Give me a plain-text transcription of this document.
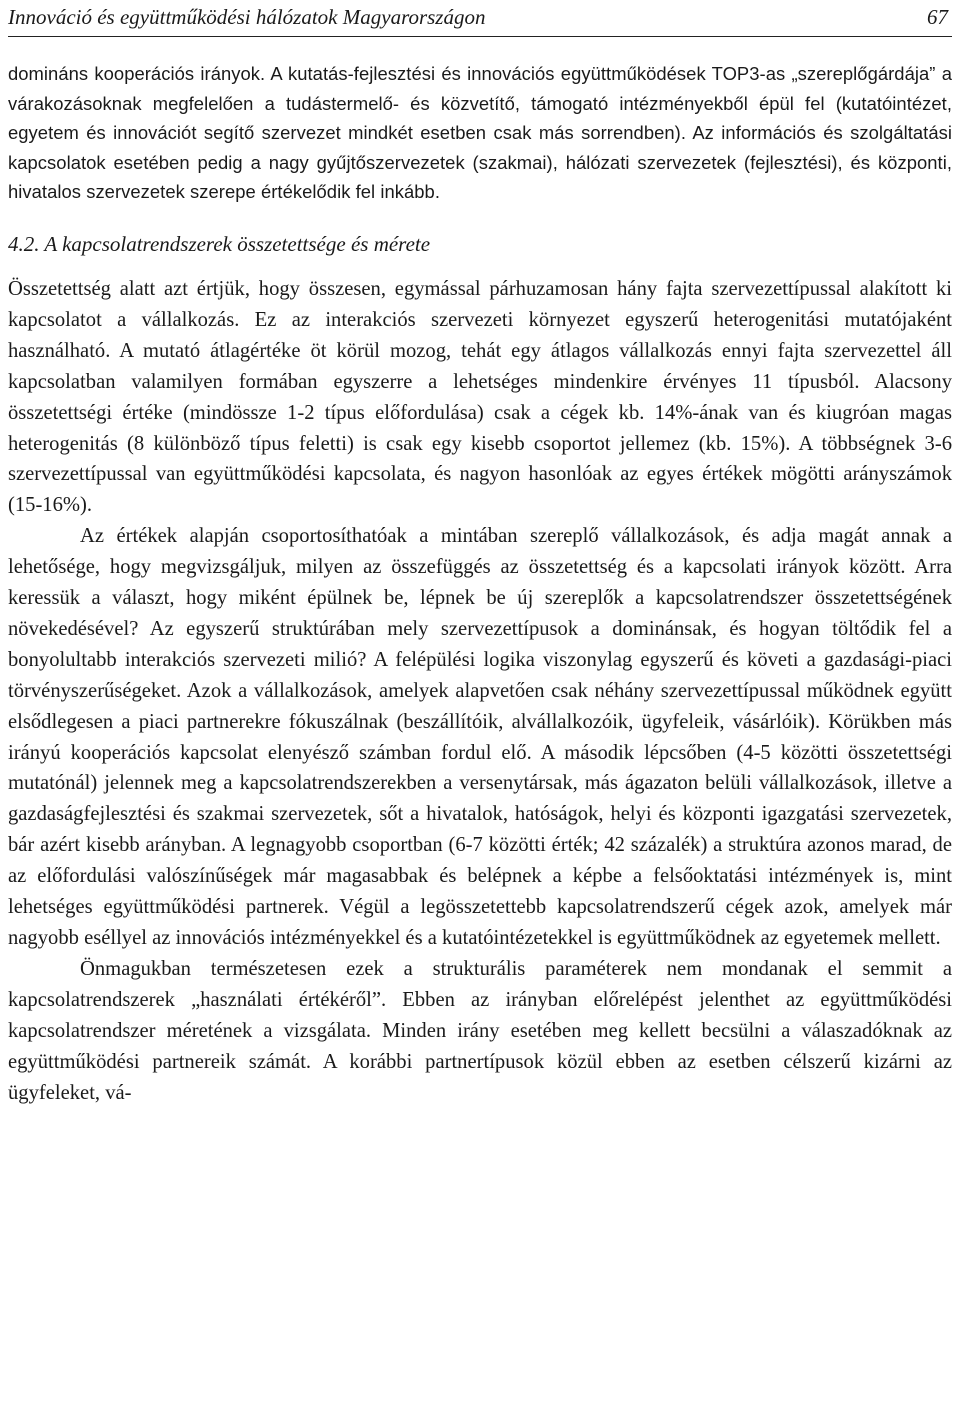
Innováció és együttműködési hálózatok Magyarországon	67

domináns kooperációs irányok. A kutatás-fejlesztési és innovációs együttműködések TOP3-as „szereplőgárdája” a várakozásoknak megfelelően a tudástermelő- és közvetítő, támogató intézményekből épül fel (kutatóintézet, egyetem és innovációt segítő szervezet mindkét esetben csak más sorrendben). Az információs és szolgáltatási kapcsolatok esetében pedig a nagy gyűjtőszervezetek (szakmai), hálózati szervezetek (fejlesztési), és központi, hivatalos szervezetek szerepe értékelődik fel inkább.

4.2. A kapcsolatrendszerek összetettsége és mérete

Összetettség alatt azt értjük, hogy összesen, egymással párhuzamosan hány fajta szervezettípussal alakított ki kapcsolatot a vállalkozás. Ez az interakciós szervezeti környezet egyszerű heterogenitási mutatójaként használható. A mutató átlagértéke öt körül mozog, tehát egy átlagos vállalkozás ennyi fajta szervezettel áll kapcsolatban valamilyen formában egyszerre a lehetséges mindenkire érvényes 11 típusból. Alacsony összetettségi értéke (mindössze 1-2 típus előfordulása) csak a cégek kb. 14%-ának van és kiugróan magas heterogenitás (8 különböző típus feletti) is csak egy kisebb csoportot jellemez (kb. 15%). A többségnek 3-6 szervezettípussal van együttműködési kapcsolata, és nagyon hasonlóak az egyes értékek mögötti arányszámok (15-16%).

Az értékek alapján csoportosíthatóak a mintában szereplő vállalkozások, és adja magát annak a lehetősége, hogy megvizsgáljuk, milyen az összefüggés az összetettség és a kapcsolati irányok között. Arra keressük a választ, hogy miként épülnek be, lépnek be új szereplők a kapcsolatrendszer összetettségének növekedésével? Az egyszerű struktúrában mely szervezettípusok a dominánsak, és hogyan töltődik fel a bonyolultabb interakciós szervezeti milió? A felépülési logika viszonylag egyszerű és követi a gazdasági-piaci törvényszerűségeket. Azok a vállalkozások, amelyek alapvetően csak néhány szervezettípussal működnek együtt elsődlegesen a piaci partnerekre fókuszálnak (beszállítóik, alvállalkozóik, ügyfeleik, vásárlóik). Körükben más irányú kooperációs kapcsolat elenyésző számban fordul elő. A második lépcsőben (4-5 közötti összetettségi mutatónál) jelennek meg a kapcsolatrendszerekben a versenytársak, más ágazaton belüli vállalkozások, illetve a gazdaságfejlesztési és szakmai szervezetek, sőt a hivatalok, hatóságok, helyi és központi igazgatási szervezetek, bár azért kisebb arányban. A legnagyobb csoportban (6-7 közötti érték; 42 százalék) a struktúra azonos marad, de az előfordulási valószínűségek már magasabbak és belépnek a képbe a felsőoktatási intézmények is, mint lehetséges együttműködési partnerek. Végül a legösszetettebb kapcsolatrendszerű cégek azok, amelyek már nagyobb eséllyel az innovációs intézményekkel és a kutatóintézetekkel is együttműködnek az egyetemek mellett.

Önmagukban természetesen ezek a strukturális paraméterek nem mondanak el semmit a kapcsolatrendszerek „használati értékéről”. Ebben az irányban előrelépést jelenthet az együttműködési kapcsolatrendszer méretének a vizsgálata. Minden irány esetében meg kellett becsülni a válaszadóknak az együttműködési partnereik számát. A korábbi partnertípusok közül ebben az esetben célszerű kizárni az ügyfeleket, vá-
